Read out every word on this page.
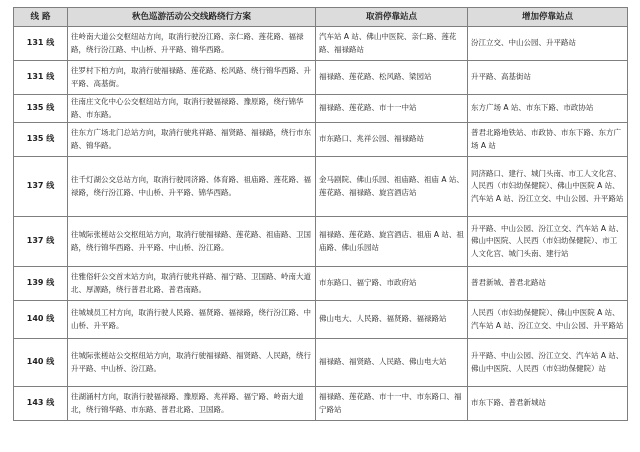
线 路	秋色巡游活动公交线路绕行方案	取消停靠站点	增加停靠站点
131 线	往岭南大道公交枢纽站方向，取消行驶汾江路、亲仁路、莲花路、福禄路，绕行汾江路、中山桥、升平路、锦华西路。	汽车站 A 站、佛山中医院、亲仁路、莲花路、福禄路站	汾江立交、中山公园、升平路站
131 线	往罗村下柏方向，取消行驶福禄路、莲花路、松风路、绕行锦华西路、升平路、高基街。	福禄路、莲花路、松风路、梁园站	升平路、高基街站
135 线	往南庄文化中心公交枢纽站方向，取消行驶福禄路、豫原路，绕行锦华路、市东路。	福禄路、莲花路、市十一中站	东方广场 A 站、市东下路、市政协站
135 线	往东方广场北门总站方向，取消行驶兆祥路、福贤路、福禄路，绕行市东路、锦华路。	市东路口、兆祥公园、福禄路站	普君北路地铁站、市政协、市东下路、东方广场 A 站
137 线	往千灯湖公交总站方向，取消行驶同济路、体育路、祖庙路、莲花路、福禄路，绕行汾江路、中山桥、升平路、锦华西路。	金马剧院、佛山乐园、祖庙路、祖庙 A 站、莲花路、福禄路、旋宫酒店站	同济路口、建行、城门头南、市工人文化宫、人民西（市妇幼保健院）、佛山中医院 A 站、汽车站 A 站、汾江立交、中山公园、升平路站
137 线	往城际张槎站公交枢纽站方向，取消行驶福禄路、莲花路、祖庙路、卫国路，绕行锦华西路、升平路、中山桥、汾江路。	福禄路、莲花路、旋宫酒店、祖庙 A 站、祖庙路、佛山乐园站	升平路、中山公园、汾江立交、汽车站 A 站、佛山中医院、人民西（市妇幼保健院）、市工人文化宫、城门头南、建行站
139 线	往雅俗轩公交首末站方向，取消行驶兆祥路、福宁路、卫国路、岭南大道北、厚源路，绕行普君北路、普君南路。	市东路口、福宁路、市政府站	普君新城、普君北路站
140 线	往城城员工村方向，取消行驶人民路、福贤路、福禄路，绕行汾江路、中山桥、升平路。	佛山电大、人民路、福贤路、福禄路站	人民西（市妇幼保健院）、佛山中医院 A 站、汽车站 A 站、汾江立交、中山公园、升平路站
140 线	往城际张槎站公交枢纽站方向，取消行驶福禄路、福贤路、人民路，绕行升平路、中山桥、汾江路。	福禄路、福贤路、人民路、佛山电大站	升平路、中山公园、汾江立交、汽车站 A 站、佛山中医院、人民西（市妇幼保健院）站
143 线	往湖涌村方向，取消行驶福禄路、豫原路、兆祥路、福宁路、岭南大道北，绕行锦华路、市东路、普君北路、卫国路。	福禄路、莲花路、市十一中、市东路口、福宁路站	市东下路、普君新城站
